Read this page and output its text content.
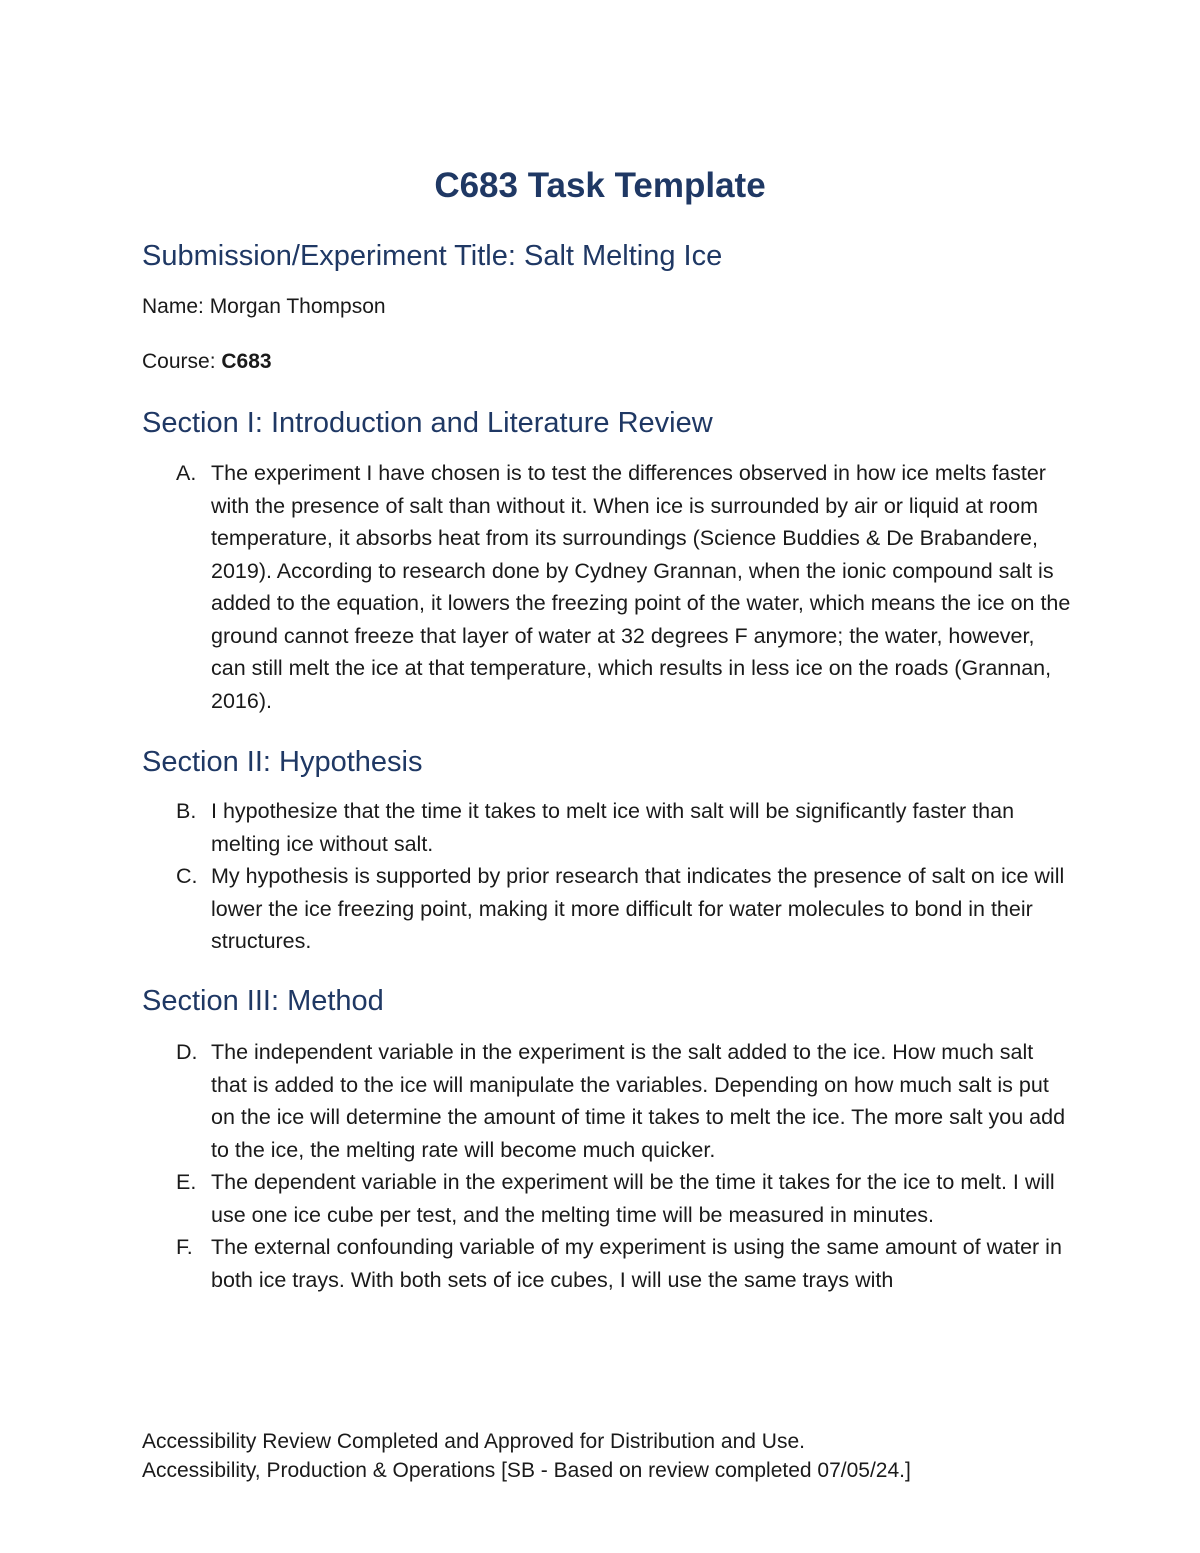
C683 Task Template
Submission/Experiment Title: Salt Melting Ice
Name: Morgan Thompson
Course: C683
Section I: Introduction and Literature Review
A. The experiment I have chosen is to test the differences observed in how ice melts faster with the presence of salt than without it. When ice is surrounded by air or liquid at room temperature, it absorbs heat from its surroundings (Science Buddies & De Brabandere, 2019). According to research done by Cydney Grannan, when the ionic compound salt is added to the equation, it lowers the freezing point of the water, which means the ice on the ground cannot freeze that layer of water at 32 degrees F anymore; the water, however, can still melt the ice at that temperature, which results in less ice on the roads (Grannan, 2016).
Section II: Hypothesis
B. I hypothesize that the time it takes to melt ice with salt will be significantly faster than melting ice without salt.
C. My hypothesis is supported by prior research that indicates the presence of salt on ice will lower the ice freezing point, making it more difficult for water molecules to bond in their structures.
Section III: Method
D. The independent variable in the experiment is the salt added to the ice. How much salt that is added to the ice will manipulate the variables. Depending on how much salt is put on the ice will determine the amount of time it takes to melt the ice. The more salt you add to the ice, the melting rate will become much quicker.
E. The dependent variable in the experiment will be the time it takes for the ice to melt. I will use one ice cube per test, and the melting time will be measured in minutes.
F. The external confounding variable of my experiment is using the same amount of water in both ice trays. With both sets of ice cubes, I will use the same trays with
Accessibility Review Completed and Approved for Distribution and Use.
Accessibility, Production & Operations [SB - Based on review completed 07/05/24.]
